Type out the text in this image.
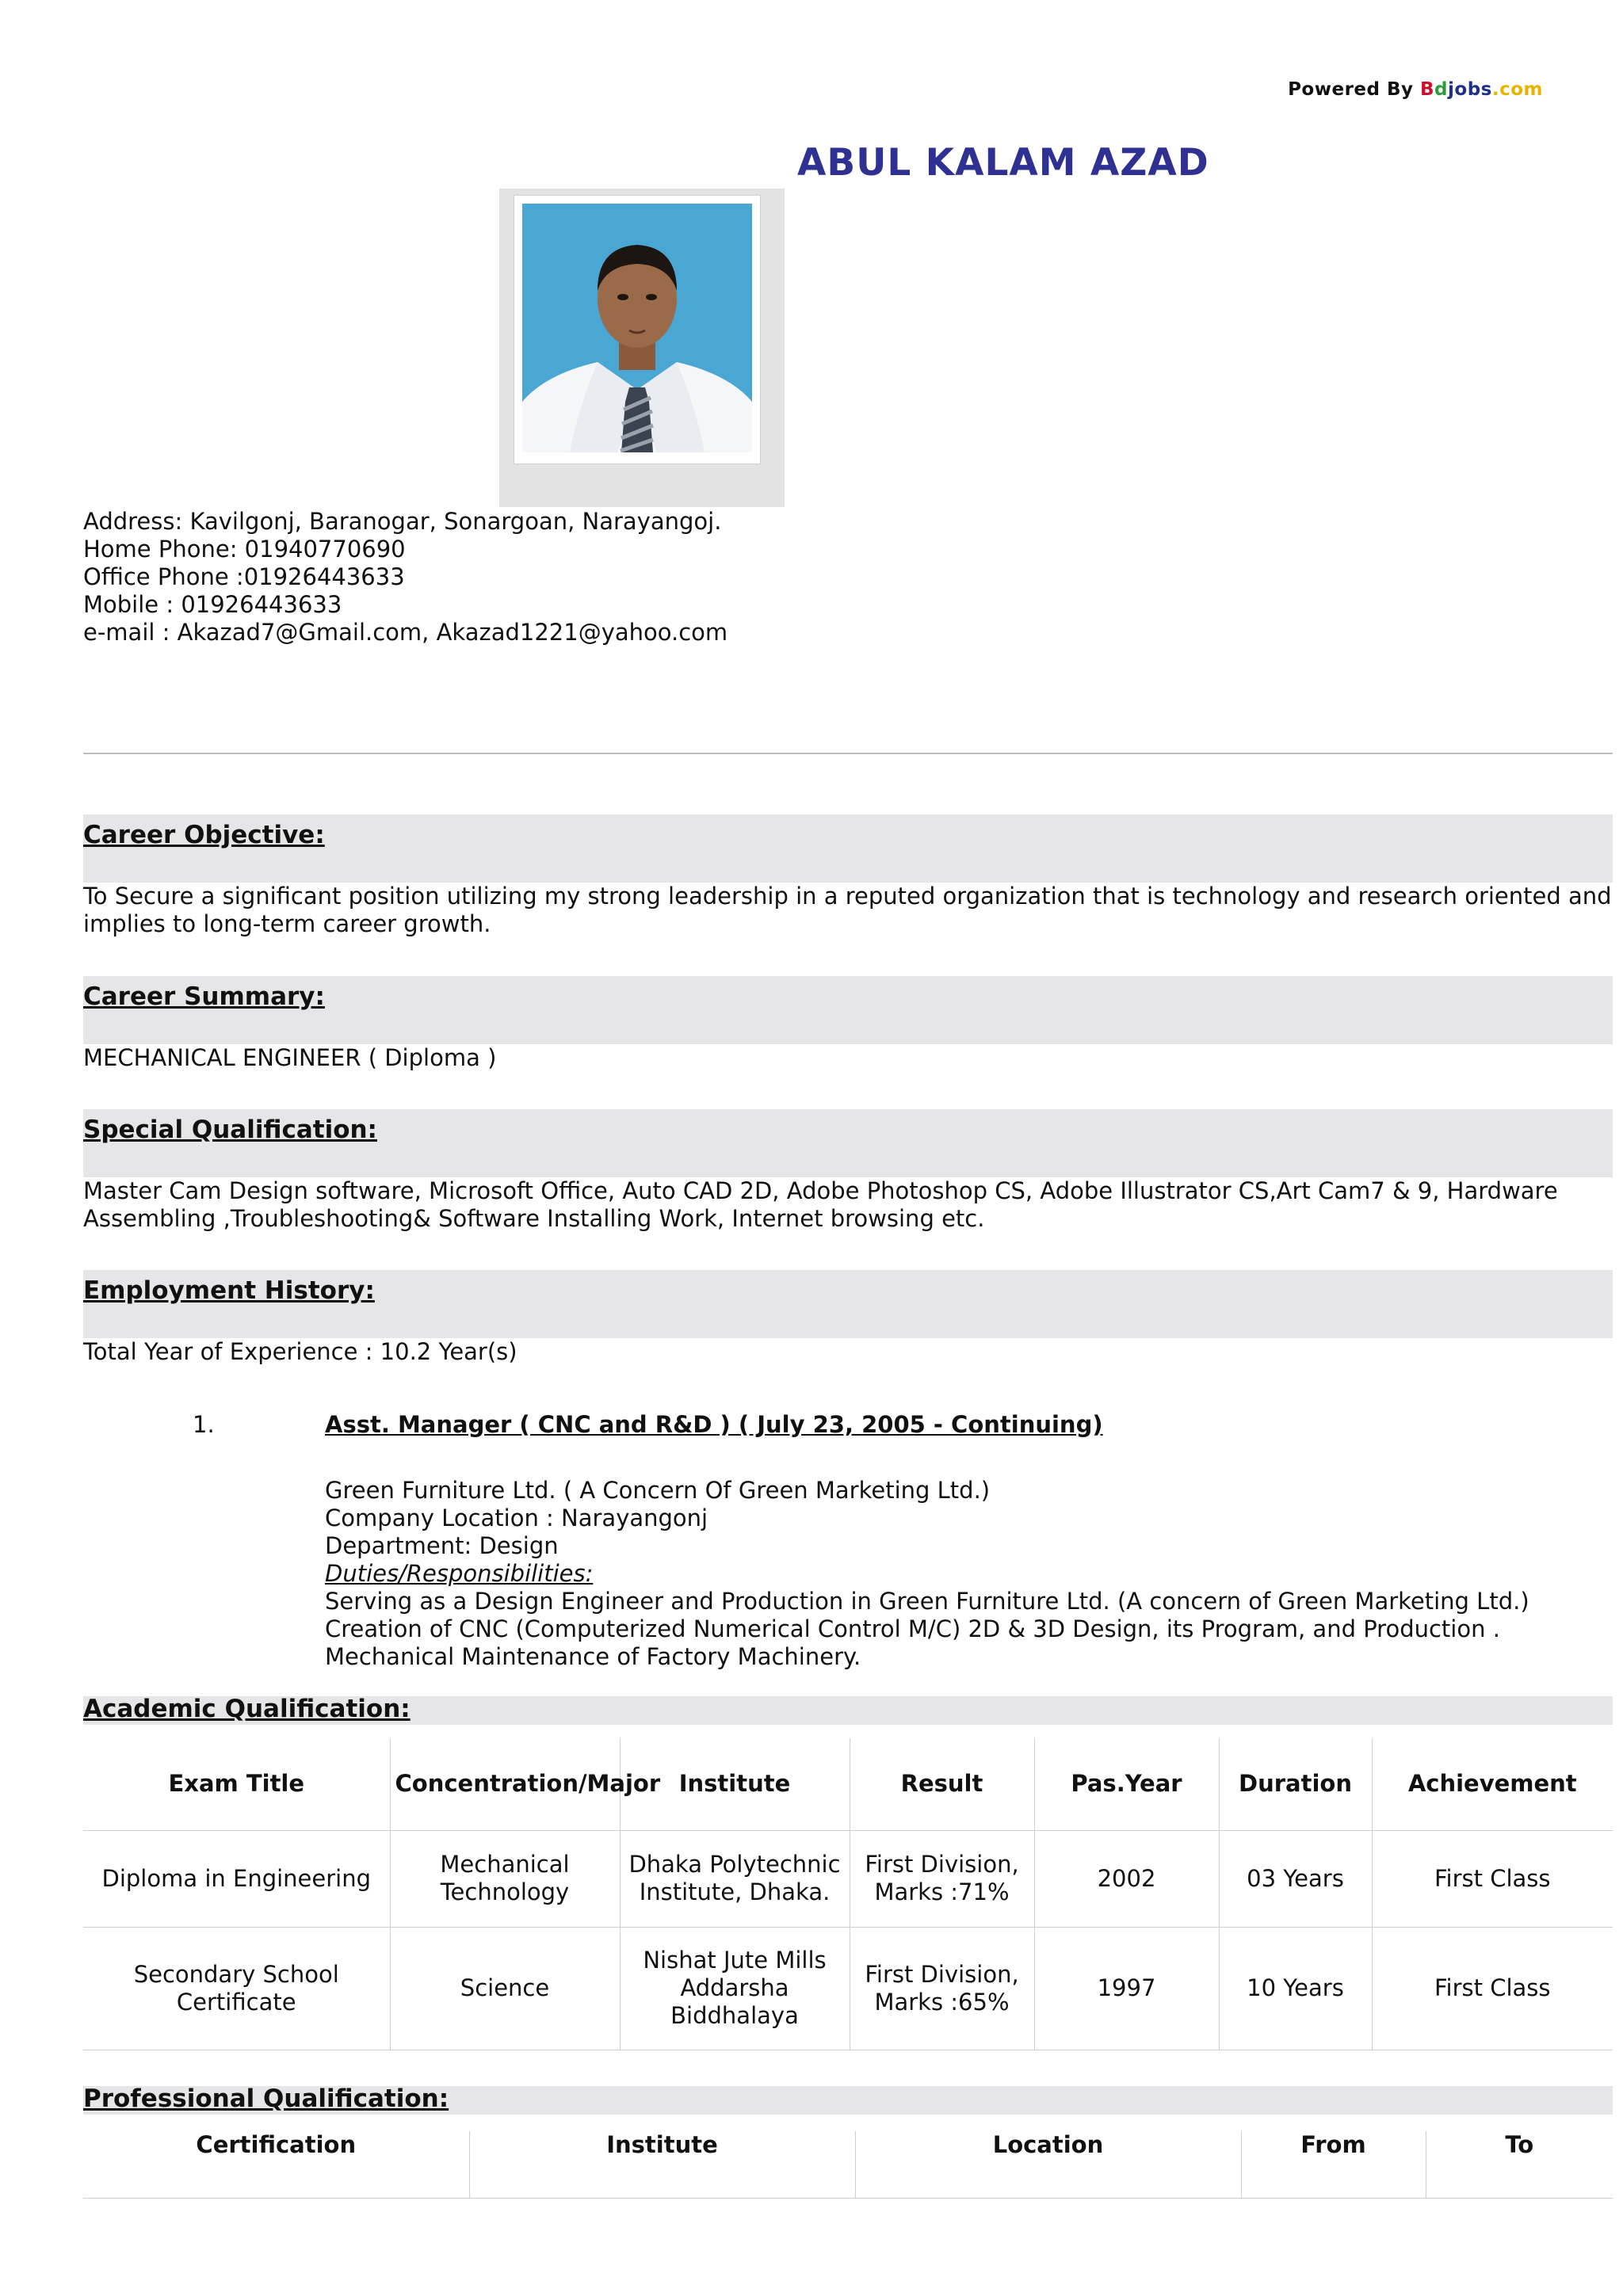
Powered By Bdjobs.com
ABUL KALAM AZAD
Address: Kavilgonj, Baranogar, Sonargoan, Narayangoj.
Home Phone: 01940770690
Office Phone :01926443633
Mobile : 01926443633
e-mail : Akazad7@Gmail.com, Akazad1221@yahoo.com
Career Objective:
To Secure a significant position utilizing my strong leadership in a reputed organization that is technology and research oriented and implies to long-term career growth.
Career Summary:
MECHANICAL ENGINEER ( Diploma )
Special Qualification:
Master Cam Design software, Microsoft Office, Auto CAD 2D, Adobe Photoshop CS, Adobe Illustrator CS,Art Cam7 & 9, Hardware Assembling ,Troubleshooting& Software Installing Work, Internet browsing etc.
Employment History:
Total Year of Experience : 10.2 Year(s)
1.	Asst. Manager ( CNC and R&D ) ( July 23, 2005 - Continuing)
Green Furniture Ltd. ( A Concern Of Green Marketing Ltd.)
Company Location : Narayangonj
Department: Design
Duties/Responsibilities:
Serving as a Design Engineer and Production in Green Furniture Ltd. (A concern of Green Marketing Ltd.)
Creation of CNC (Computerized Numerical Control M/C) 2D & 3D Design, its Program, and Production .
Mechanical Maintenance of Factory Machinery.
Academic Qualification:
Exam Title	Concentration/Major	Institute	Result	Pas.Year	Duration	Achievement
Diploma in Engineering	Mechanical Technology	Dhaka Polytechnic Institute, Dhaka.	First Division, Marks :71%	2002	03 Years	First Class
Secondary School Certificate	Science	Nishat Jute Mills Addarsha Biddhalaya	First Division, Marks :65%	1997	10 Years	First Class
Professional Qualification:
Certification	Institute	Location	From	To
